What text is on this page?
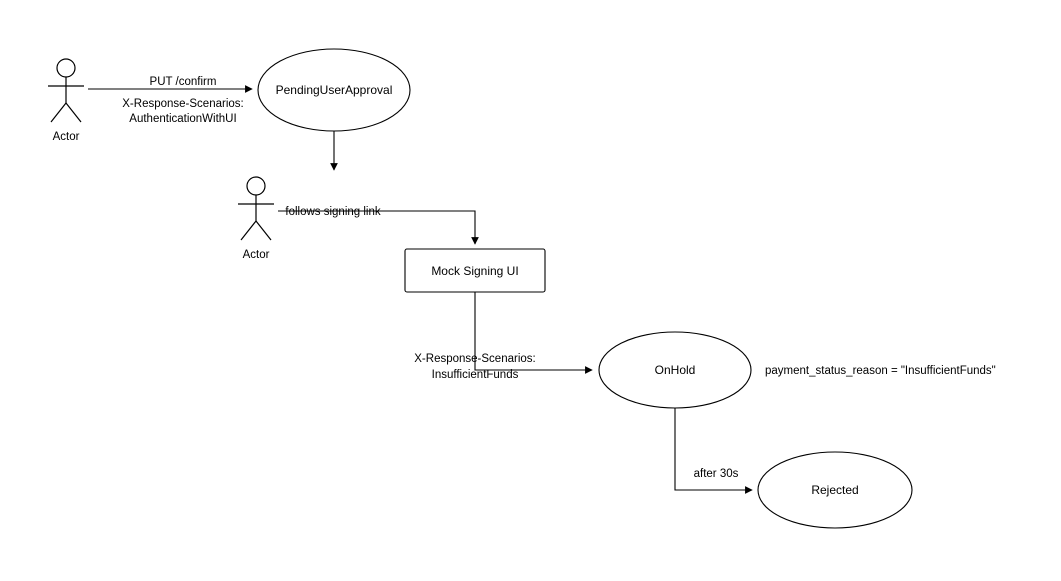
Actor
PUT /confirm
X-Response-Scenarios:
AuthenticationWithUI
PendingUserApproval
Actor
follows signing link
Mock Signing UI
X-Response-Scenarios:
InsufficientFunds	OnHold	payment_status_reason = "InsufficientFunds"
after 30s
Rejected
